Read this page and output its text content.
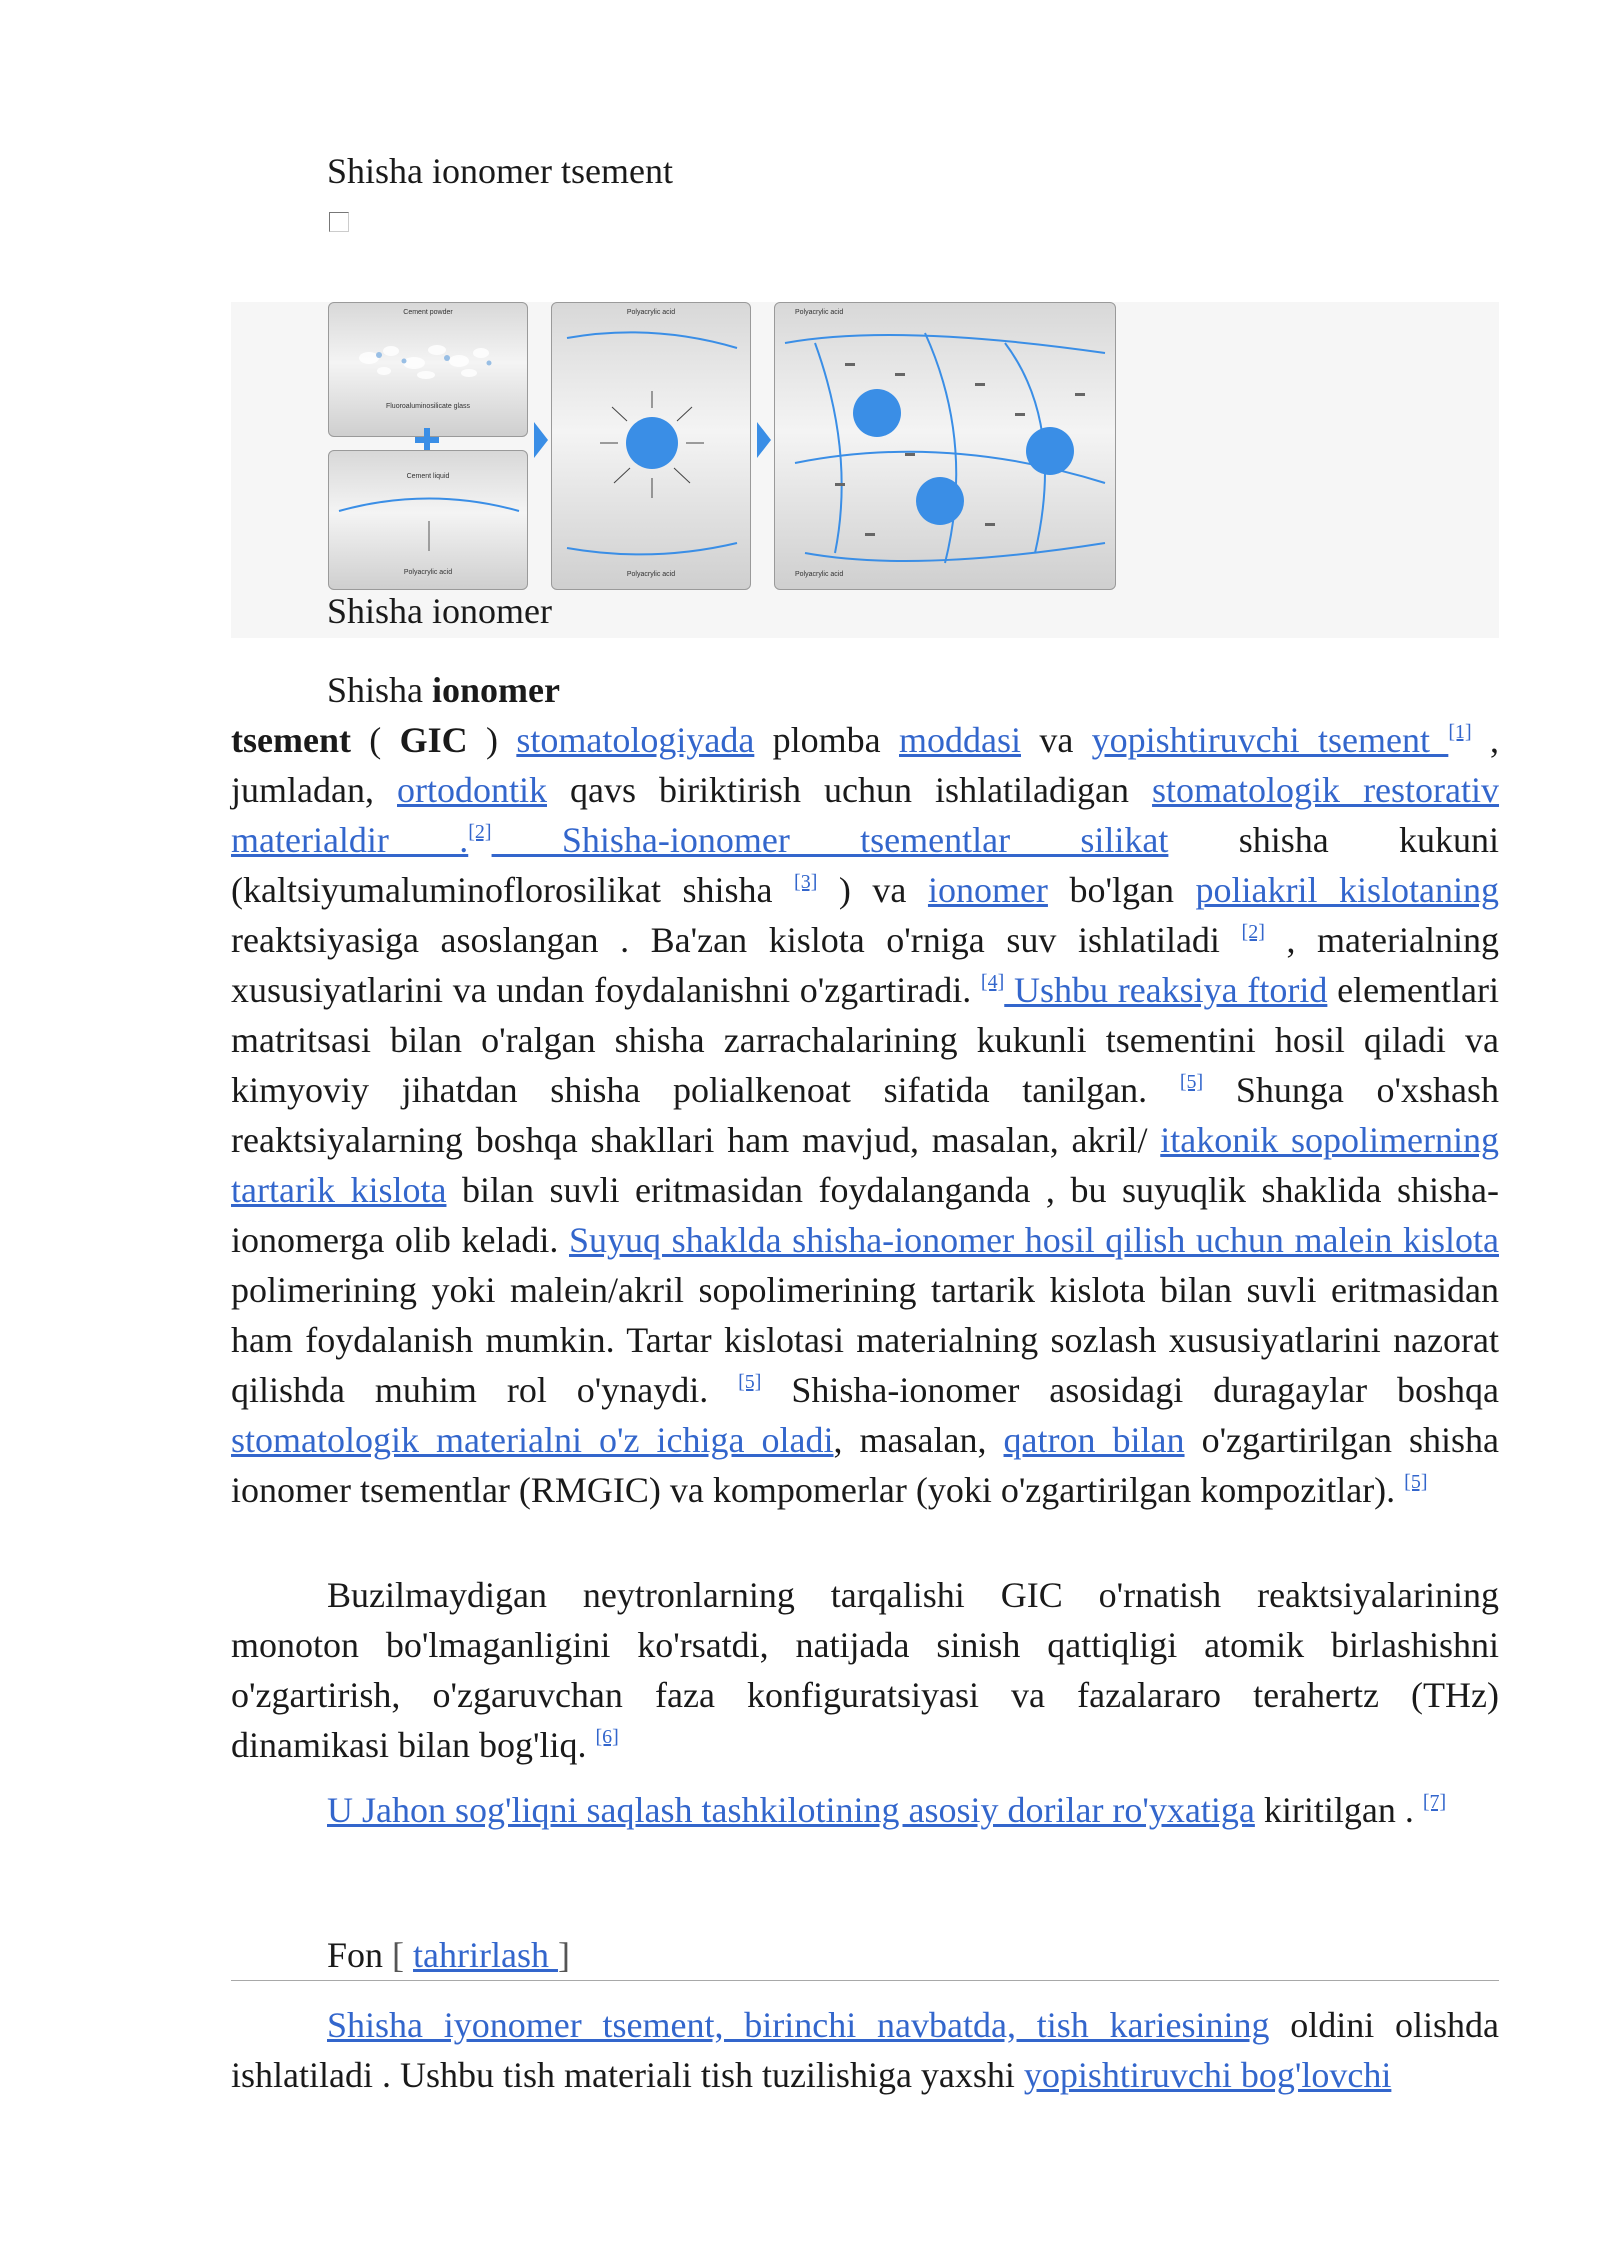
Shisha ionomer tsement
Cement powder
Fluoroaluminosilicate glass
Cement liquid
Polyacrylic acid
Polyacrylic acid
Polyacrylic acid
Polyacrylic acid
Polyacrylic acid
Shisha ionomer

Shisha ionomer

tsement ( GIC ) stomatologiyada plomba moddasi va yopishtiruvchi tsement [1] , jumladan, ortodontik qavs biriktirish uchun ishlatiladigan stomatologik restorativ materialdir .[2] Shisha-ionomer tsementlar silikat shisha kukuni (kaltsiyumaluminoflorosilikat shisha [3] ) va ionomer bo'lgan poliakril kislotaning reaktsiyasiga asoslangan . Ba'zan kislota o'rniga suv ishlatiladi [2] , materialning xususiyatlarini va undan foydalanishni o'zgartiradi. [4] Ushbu reaksiya ftorid elementlari matritsasi bilan o'ralgan shisha zarrachalarining kukunli tsementini hosil qiladi va kimyoviy jihatdan shisha polialkenoat sifatida tanilgan. [5] Shunga o'xshash reaktsiyalarning boshqa shakllari ham mavjud, masalan, akril/ itakonik sopolimerning tartarik kislota bilan suvli eritmasidan foydalanganda , bu suyuqlik shaklida shisha-ionomerga olib keladi. Suyuq shaklda shisha-ionomer hosil qilish uchun malein kislota polimerining yoki malein/akril sopolimerining tartarik kislota bilan suvli eritmasidan ham foydalanish mumkin. Tartar kislotasi materialning sozlash xususiyatlarini nazorat qilishda muhim rol o'ynaydi. [5] Shisha-ionomer asosidagi duragaylar boshqa stomatologik materialni o'z ichiga oladi, masalan, qatron bilan o'zgartirilgan shisha ionomer tsementlar (RMGIC) va kompomerlar (yoki o'zgartirilgan kompozitlar). [5]

Buzilmaydigan neytronlarning tarqalishi GIC o'rnatish reaktsiyalarining monoton bo'lmaganligini ko'rsatdi, natijada sinish qattiqligi atomik birlashishni o'zgartirish, o'zgaruvchan faza konfiguratsiyasi va fazalararo terahertz (THz) dinamikasi bilan bog'liq. [6]

U Jahon sog'liqni saqlash tashkilotining asosiy dorilar ro'yxatiga kiritilgan . [7]

Fon [ tahrirlash ]

Shisha iyonomer tsement, birinchi navbatda, tish kariesining oldini olishda ishlatiladi . Ushbu tish materiali tish tuzilishiga yaxshi yopishtiruvchi bog'lovchi
